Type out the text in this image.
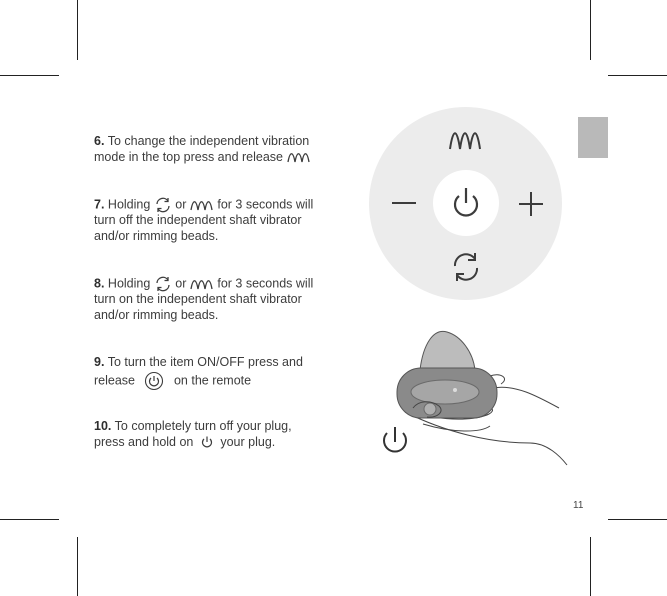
6. To change the independent vibration
mode in the top press and release
7. Holding or for 3 seconds will
turn off the independent shaft vibrator
and/or rimming beads.
8. Holding or for 3 seconds will
turn on the independent shaft vibrator
and/or rimming beads.
9. To turn the item ON/OFF press and
release	on the remote
10. To completely turn off your plug,
press and hold on your plug.
11
